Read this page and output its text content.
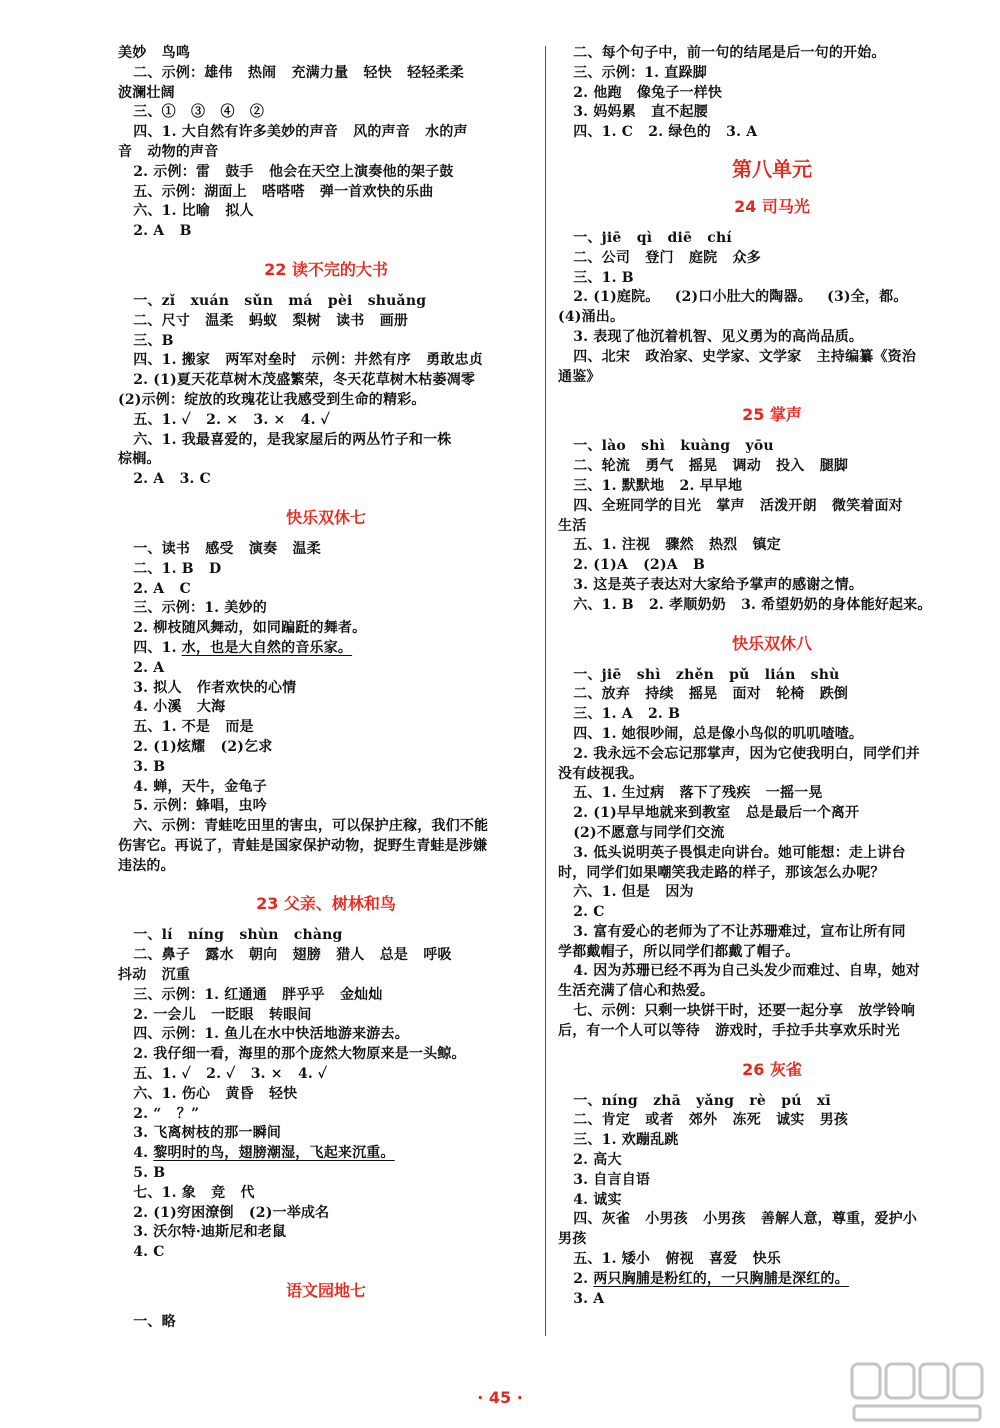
美妙   鸟鸣
二、示例：雄伟   热闹   充满力量   轻快   轻轻柔柔
波澜壮阔
三、①   ③   ④   ②
四、1. 大自然有许多美妙的声音   风的声音   水的声
音   动物的声音
2. 示例：雷   鼓手   他会在天空上演奏他的架子鼓
五、示例：湖面上   嗒嗒嗒   弹一首欢快的乐曲
六、1. 比喻   拟人
2. A   B
22 读不完的大书
一、zǐ   xuán   sǔn   má   pèi   shuǎng
二、尺寸   温柔   蚂蚁   梨树   读书   画册
三、B
四、1. 搬家   两军对垒时   示例：井然有序   勇敢忠贞
2. (1)夏天花草树木茂盛繁荣，冬天花草树木枯萎凋零
(2)示例：绽放的玫瑰花让我感受到生命的精彩。
五、1. ✓   2. ×   3. ×   4. ✓
六、1. 我最喜爱的，是我家屋后的两丛竹子和一株
棕榈。
2. A   3. C
快乐双休七
一、读书   感受   演奏   温柔
二、1. B   D
2. A   C
三、示例：1. 美妙的
2. 柳枝随风舞动，如同蹁跹的舞者。
四、1. 水，也是大自然的音乐家。
2. A
3. 拟人   作者欢快的心情
4. 小溪   大海
五、1. 不是   而是
2. (1)炫耀   (2)乞求
3. B
4. 蝉，天牛，金龟子
5. 示例：蜂唱，虫吟
六、示例：青蛙吃田里的害虫，可以保护庄稼，我们不能
伤害它。再说了，青蛙是国家保护动物，捉野生青蛙是涉嫌
违法的。
23 父亲、树林和鸟
一、lí   níng   shùn   chàng
二、鼻子   露水   朝向   翅膀   猎人   总是   呼吸
抖动   沉重
三、示例：1. 红通通   胖乎乎   金灿灿
2. 一会儿   一眨眼   转眼间
四、示例：1. 鱼儿在水中快活地游来游去。
2. 我仔细一看，海里的那个庞然大物原来是一头鲸。
五、1. ✓   2. ✓   3. ×   4. ✓
六、1. 伤心   黄昏   轻快
2. “   ？”
3. 飞离树枝的那一瞬间
4. 黎明时的鸟，翅膀潮湿，飞起来沉重。
5. B
七、1. 象   竞   代
2. (1)穷困潦倒   (2)一举成名
3. 沃尔特·迪斯尼和老鼠
4. C
语文园地七
一、略
二、每个句子中，前一句的结尾是后一句的开始。
三、示例：1. 直跺脚
2. 他跑   像兔子一样快
3. 妈妈累   直不起腰
四、1. C   2. 绿色的   3. A
第八单元
24 司马光
一、jiē   qì   diē   chí
二、公司   登门   庭院   众多
三、1. B
2. (1)庭院。   (2)口小肚大的陶器。   (3)全，都。
(4)涌出。
3. 表现了他沉着机智、见义勇为的高尚品质。
四、北宋   政治家、史学家、文学家   主持编纂《资治
通鉴》
25 掌声
一、lào   shì   kuàng   yōu
二、轮流   勇气   摇晃   调动   投入   腿脚
三、1. 默默地   2. 早早地
四、全班同学的目光   掌声   活泼开朗   微笑着面对
生活
五、1. 注视   骤然   热烈   镇定
2. (1)A   (2)A   B
3. 这是英子表达对大家给予掌声的感谢之情。
六、1. B   2. 孝顺奶奶   3. 希望奶奶的身体能好起来。
快乐双休八
一、jiē   shì   zhěn   pǔ   lián   shù
二、放弃   持续   摇晃   面对   轮椅   跌倒
三、1. A   2. B
四、1. 她很吵闹，总是像小鸟似的叽叽喳喳。
2. 我永远不会忘记那掌声，因为它使我明白，同学们并
没有歧视我。
五、1. 生过病   落下了残疾   一摇一晃
2. (1)早早地就来到教室   总是最后一个离开
(2)不愿意与同学们交流
3. 低头说明英子畏惧走向讲台。她可能想：走上讲台
时，同学们如果嘲笑我走路的样子，那该怎么办呢？
六、1. 但是   因为
2. C
3. 富有爱心的老师为了不让苏珊难过，宣布让所有同
学都戴帽子，所以同学们都戴了帽子。
4. 因为苏珊已经不再为自己头发少而难过、自卑，她对
生活充满了信心和热爱。
七、示例：只剩一块饼干时，还要一起分享   放学铃响
后，有一个人可以等待   游戏时，手拉手共享欢乐时光
26 灰雀
一、níng   zhā   yǎng   rè   pú   xī
二、肯定   或者   郊外   冻死   诚实   男孩
三、1. 欢蹦乱跳
2. 高大
3. 自言自语
4. 诚实
四、灰雀   小男孩   小男孩   善解人意，尊重，爱护小
男孩
五、1. 矮小   俯视   喜爱   快乐
2. 两只胸脯是粉红的，一只胸脯是深红的。
3. A
· 45 ·
